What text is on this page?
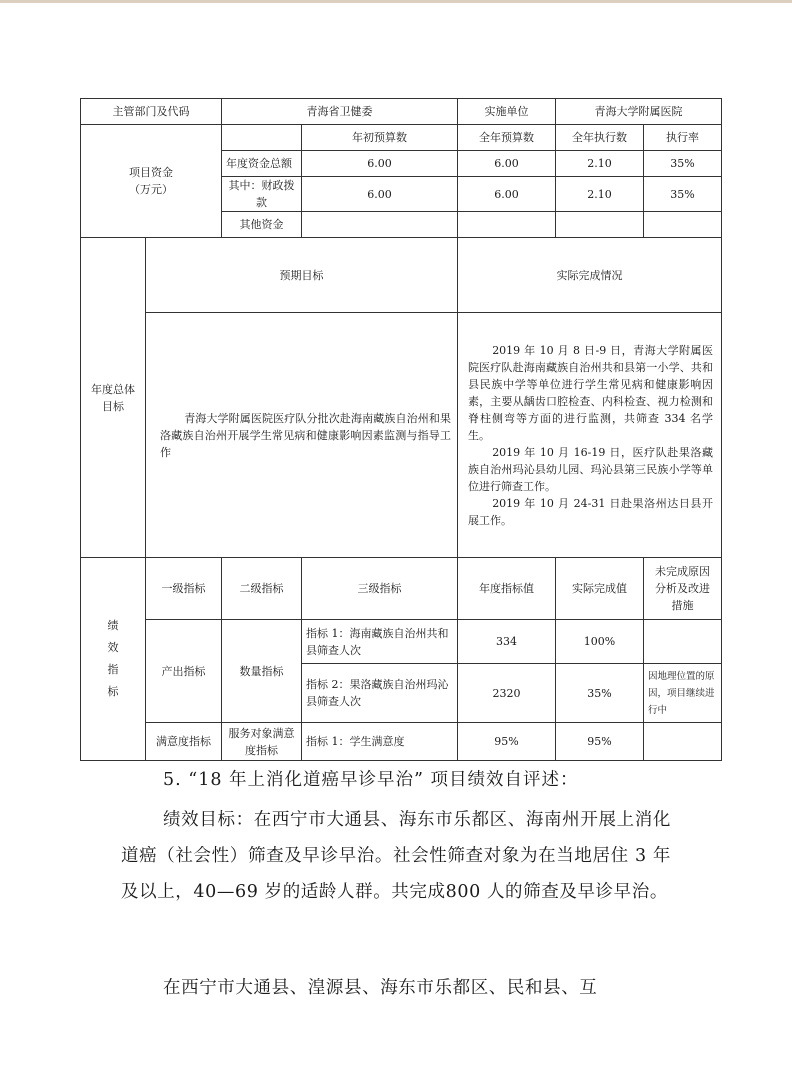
主管部门及代码		青海省卫健委		实施单位	青海大学附属医院	

项目资金
（万元）			年初预算数	全年预算数	全年执行数	执行率
		年度资金总额	6.00	6.00	2.10	35%
		其中：财政拨款	6.00	6.00	2.10	35%
		其他资金				

年度总体
目标	预期目标			实际完成情况		

	青海大学附属医院医疗队分批次赴海南藏族自治州和果洛藏族自治州开展学生常见病和健康影响因素监测与指导工作			2019 年 10 月 8 日-9 日，青海大学附属医院医疗队赴海南藏族自治州共和县第一小学、共和县民族中学等单位进行学生常见病和健康影响因素，主要从龋齿口腔检查、内科检查、视力检测和脊柱侧弯等方面的进行监测，共筛查 334 名学生。

2019 年 10 月 16-19 日，医疗队赴果洛藏族自治州玛沁县幼儿园、玛沁县第三民族小学等单位进行筛查工作。

2019 年 10 月 24-31 日赴果洛州达日县开展工作。		

绩
效
指
标	一级指标	二级指标	三级指标	年度指标值	实际完成值	未完成原因分析及改进措施
	产出指标	数量指标	指标 1：海南藏族自治州共和县筛查人次	334	100%	
			指标 2：果洛藏族自治州玛沁县筛查人次	2320	35%	因地理位置的原因，项目继续进行中
	满意度指标	服务对象满意度指标	指标 1：学生满意度	95%	95%	
5. “18 年上消化道癌早诊早治” 项目绩效自评述：
绩效目标：在西宁市大通县、海东市乐都区、海南州开展上消化道癌（社会性）筛查及早诊早治。社会性筛查对象为在当地居住 3 年及以上，40—69 岁的适龄人群。共完成800 人的筛查及早诊早治。
在西宁市大通县、湟源县、海东市乐都区、民和县、互
